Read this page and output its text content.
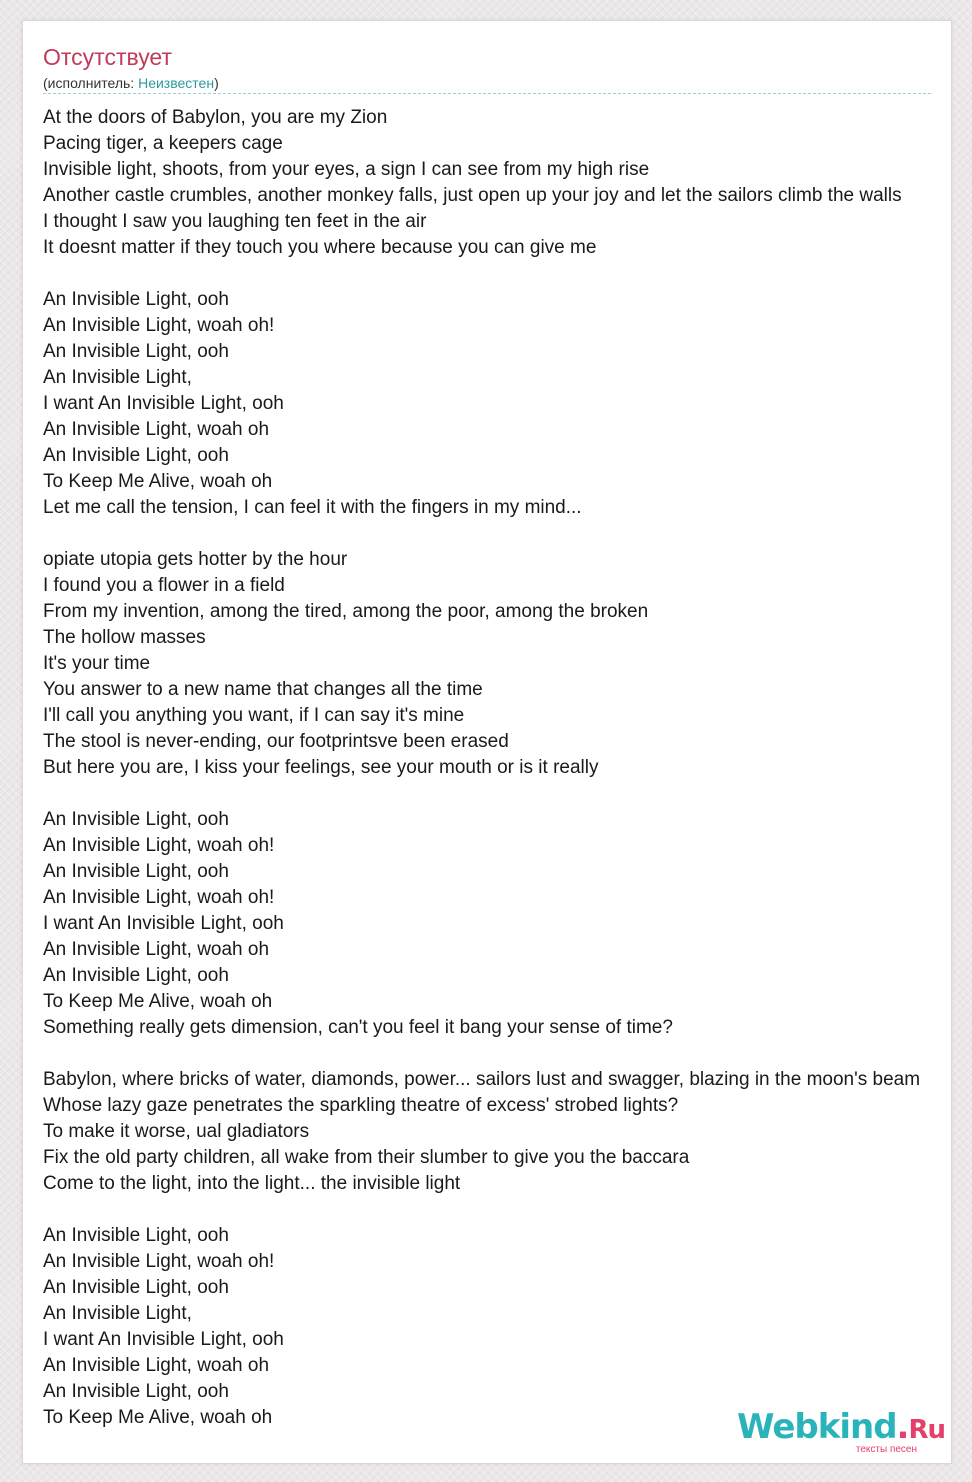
Отсутствует
(исполнитель: Неизвестен)
At the doors of Babylon, you are my Zion
Pacing tiger, a keepers cage
Invisible light, shoots, from your eyes, a sign I can see from my high rise
Another castle crumbles, another monkey falls, just open up your joy and let the sailors climb the walls
I thought I saw you laughing ten feet in the air
It doesnt matter if they touch you where because you can give me
An Invisible Light, ooh
An Invisible Light, woah oh!
An Invisible Light, ooh
An Invisible Light,
I want An Invisible Light, ooh
An Invisible Light, woah oh
An Invisible Light, ooh
To Keep Me Alive, woah oh
Let me call the tension, I can feel it with the fingers in my mind...
opiate utopia gets hotter by the hour
I found you a flower in a field
From my invention, among the tired, among the poor, among the broken
The hollow masses
It's your time
You answer to a new name that changes all the time
I'll call you anything you want, if I can say it's mine
The stool is never-ending, our footprintsve been erased
But here you are, I kiss your feelings, see your mouth or is it really
An Invisible Light, ooh
An Invisible Light, woah oh!
An Invisible Light, ooh
An Invisible Light, woah oh!
I want An Invisible Light, ooh
An Invisible Light, woah oh
An Invisible Light, ooh
To Keep Me Alive, woah oh
Something really gets dimension, can't you feel it bang your sense of time?
Babylon, where bricks of water, diamonds, power... sailors lust and swagger, blazing in the moon's beam
Whose lazy gaze penetrates the sparkling theatre of excess' strobed lights?
To make it worse, ual gladiators
Fix the old party children, all wake from their slumber to give you the baccara
Come to the light, into the light... the invisible light
An Invisible Light, ooh
An Invisible Light, woah oh!
An Invisible Light, ooh
An Invisible Light,
I want An Invisible Light, ooh
An Invisible Light, woah oh
An Invisible Light, ooh
To Keep Me Alive, woah oh	Webkind.Ru
тексты песен
